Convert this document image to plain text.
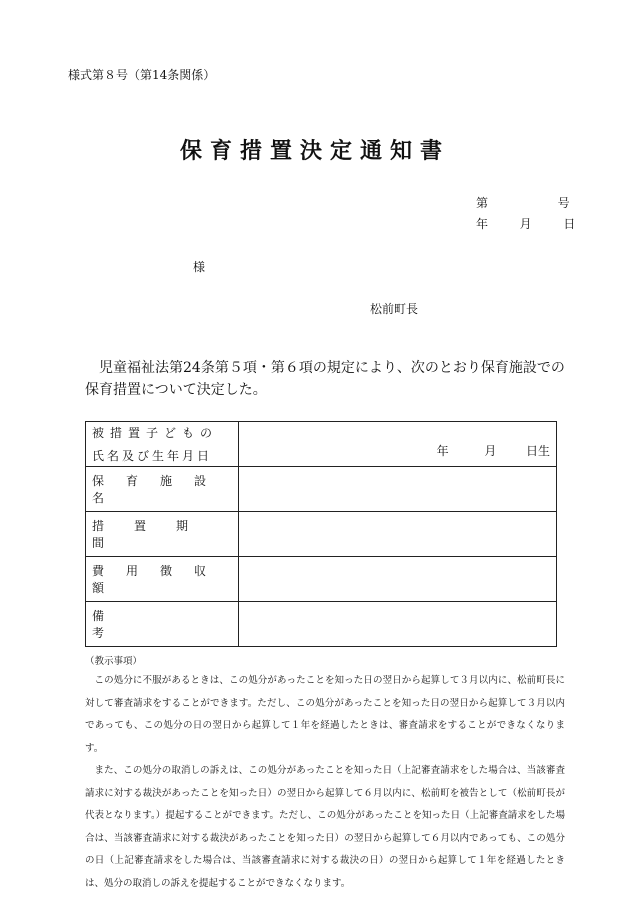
様式第８号（第14条関係）
保育措置決定通知書
第	号
年	月	日
様
松前町長
児童福祉法第24条第５項・第６項の規定により、次のとおり保育施設での保育措置について決定した。
被措置子どもの
氏名及び生年月日	年 月 日生

保育施設名	

措置期間	

費用徴収額	

備考	

（教示事項）

この処分に不服があるときは、この処分があったことを知った日の翌日から起算して３月以内に、松前町長に対して審査請求をすることができます。ただし、この処分があったことを知った日の翌日から起算して３月以内であっても、この処分の日の翌日から起算して１年を経過したときは、審査請求をすることができなくなります。

また、この処分の取消しの訴えは、この処分があったことを知った日（上記審査請求をした場合は、当該審査請求に対する裁決があったことを知った日）の翌日から起算して６月以内に、松前町を被告として（松前町長が代表となります。）提起することができます。ただし、この処分があったことを知った日（上記審査請求をした場合は、当該審査請求に対する裁決があったことを知った日）の翌日から起算して６月以内であっても、この処分の日（上記審査請求をした場合は、当該審査請求に対する裁決の日）の翌日から起算して１年を経過したときは、処分の取消しの訴えを提起することができなくなります。
